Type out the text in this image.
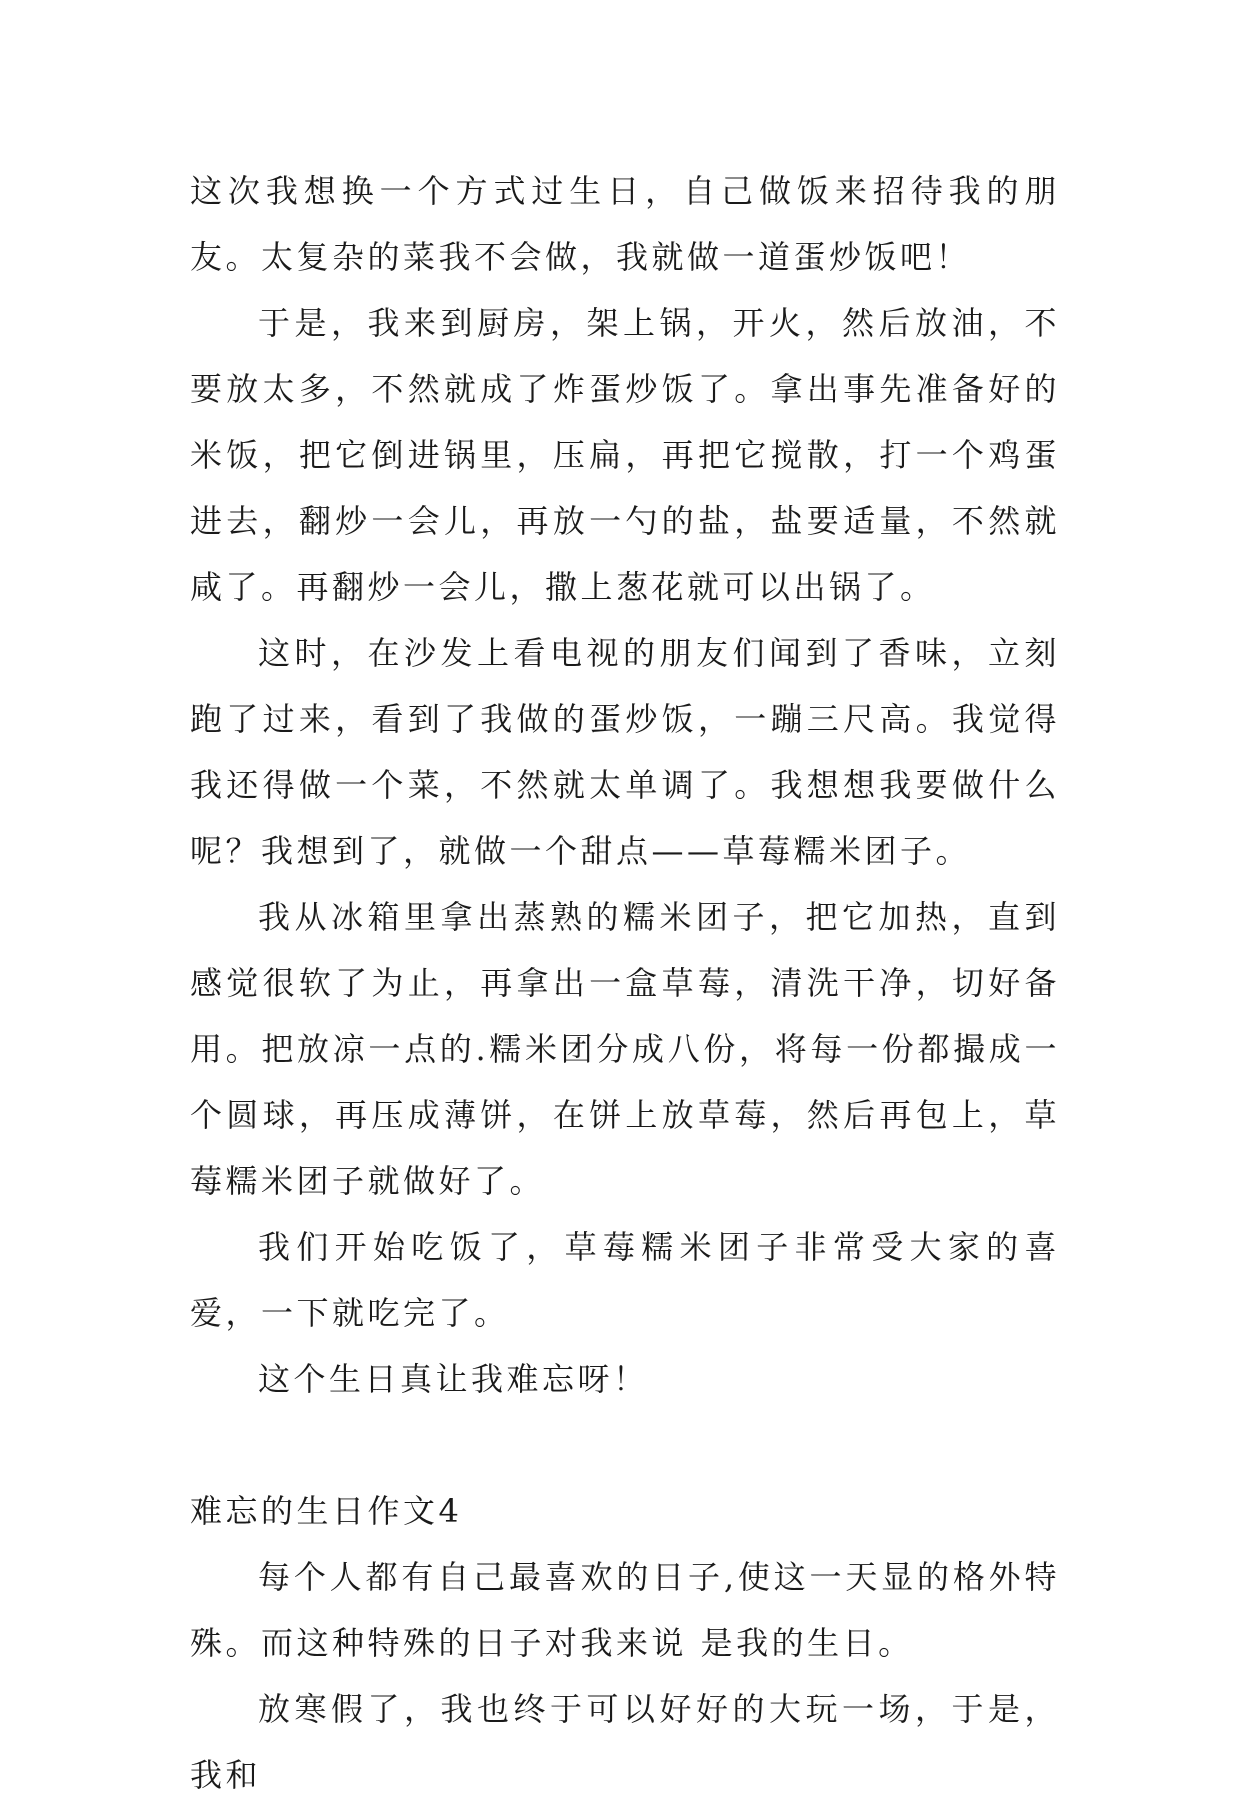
这次我想换一个方式过生日，自己做饭来招待我的朋友。太复杂的菜我不会做，我就做一道蛋炒饭吧！

于是，我来到厨房，架上锅，开火，然后放油，不要放太多，不然就成了炸蛋炒饭了。拿出事先准备好的米饭，把它倒进锅里，压扁，再把它搅散，打一个鸡蛋进去，翻炒一会儿，再放一勺的盐，盐要适量，不然就咸了。再翻炒一会儿，撒上葱花就可以出锅了。

这时，在沙发上看电视的朋友们闻到了香味，立刻跑了过来，看到了我做的蛋炒饭，一蹦三尺高。我觉得我还得做一个菜，不然就太单调了。我想想我要做什么呢？我想到了，就做一个甜点——草莓糯米团子。

我从冰箱里拿出蒸熟的糯米团子，把它加热，直到感觉很软了为止，再拿出一盒草莓，清洗干净，切好备用。把放凉一点的.糯米团分成八份，将每一份都撮成一个圆球，再压成薄饼，在饼上放草莓，然后再包上，草莓糯米团子就做好了。

我们开始吃饭了，草莓糯米团子非常受大家的喜爱，一下就吃完了。

这个生日真让我难忘呀！

难忘的生日作文4

每个人都有自己最喜欢的日子,使这一天显的格外特殊。而这种特殊的日子对我来说 是我的生日。

放寒假了，我也终于可以好好的大玩一场，于是，我和
